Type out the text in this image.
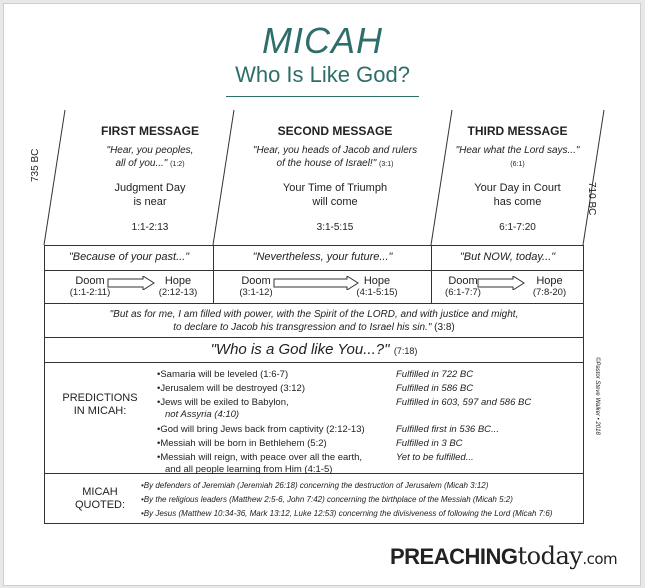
MICAH
Who Is Like God?
735 BC
710 BC
FIRST MESSAGE
"Hear, you peoples,
all of you..." (1:2)
Judgment Day
is near
1:1-2:13
SECOND MESSAGE
"Hear, you heads of Jacob and rulers
of the house of Israel!" (3:1)
Your Time of Triumph
will come
3:1-5:15
THIRD MESSAGE
"Hear what the Lord says..."
(6:1)
Your Day in Court
has come
6:1-7:20
"Because of your past..."	"Nevertheless, your future..."	"But NOW, today..."
Doom
(1:1-2:11)
Hope
(2:12-13)
Doom
(3:1-12)
Hope
(4:1-5:15)
Doom
(6:1-7:7)
Hope
(7:8-20)
"But as for me, I am filled with power, with the Spirit of the LORD, and with justice and might,
to declare to Jacob his transgression and to Israel his sin." (3:8)
"Who is a God like You...?" (7:18)
PREDICTIONS
IN MICAH:
•Samaria will be leveled (1:6-7)
•Jerusalem will be destroyed (3:12)
•Jews will be exiled to Babylon,
not Assyria (4:10)
•God will bring Jews back from captivity (2:12-13)
•Messiah will be born in Bethlehem (5:2)
•Messiah will reign, with peace over all the earth,
and all people learning from Him (4:1-5)
Fulfilled in 722 BC
Fulfilled in 586 BC
Fulfilled in 603, 597 and 586 BC
Fulfilled first in 536 BC...
Fulfilled in 3 BC
Yet to be fulfilled...
MICAH
QUOTED:
•By defenders of Jeremiah (Jeremiah 26:18) concerning the destruction of Jerusalem (Micah 3:12)
•By the religious leaders (Matthew 2:5-6, John 7:42) concerning the birthplace of the Messiah (Micah 5:2)
•By Jesus (Matthew 10:34-36, Mark 13:12, Luke 12:53) concerning the divisiveness of following the Lord (Micah 7:6)
©Pastor Steve Walker • 2018
PREACHINGtoday.com
